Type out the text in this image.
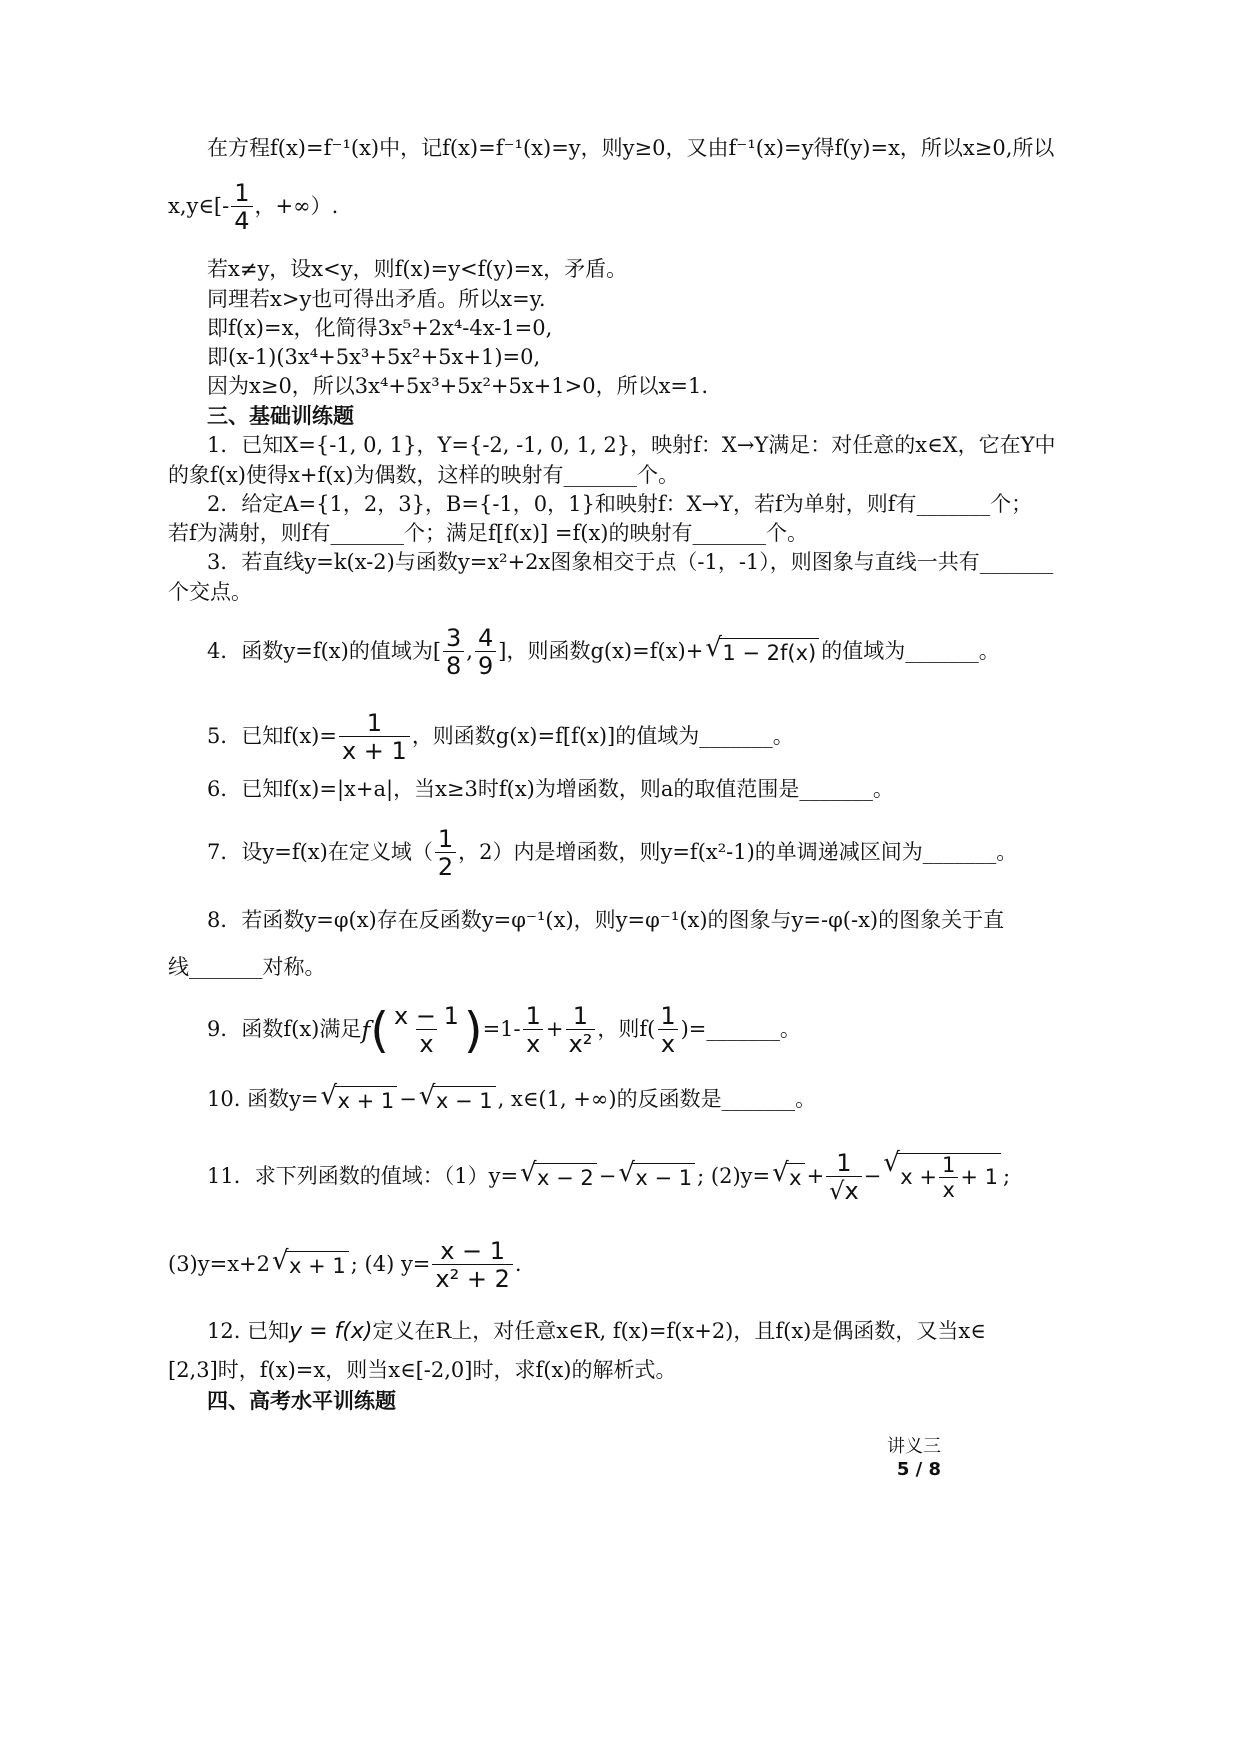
在方程f(x)=f⁻¹(x)中，记f(x)=f⁻¹(x)=y，则y≥0，又由f⁻¹(x)=y得f(y)=x，所以x≥0,所以
x,y∈[- $\frac{1}{4}$ ，+∞）.
若x≠y，设x<y，则f(x)=y<f(y)=x，矛盾。
同理若x>y也可得出矛盾。所以x=y.
即f(x)=x，化简得3x⁵+2x⁴-4x-1=0,
即(x-1)(3x⁴+5x³+5x²+5x+1)=0,
因为x≥0，所以3x⁴+5x³+5x²+5x+1>0，所以x=1.
三、基础训练题
1．已知X={-1, 0, 1}，Y={-2, -1, 0, 1, 2}，映射f：X→Y满足：对任意的x∈X，它在Y中
的象f(x)使得x+f(x)为偶数，这样的映射有_______个。
2．给定A={1，2，3}，B={-1，0，1}和映射f：X→Y，若f为单射，则f有_______个；
若f为满射，则f有_______个；满足f[f(x)] =f(x)的映射有_______个。
3．若直线y=k(x-2)与函数y=x²+2x图象相交于点（-1，-1），则图象与直线一共有_______
个交点。
4．函数y=f(x)的值域为[ $\frac{3}{8}$ , $\frac{4}{9}$ ]，则函数g(x)=f(x)+ √ 1 − 2f(x) 的值域为_______。
5．已知$f(x)= \frac{1}{x + 1}$ ，则函数g(x)=f[f(x)]的值域为_______。
6．已知f(x)=|x+a|，当x≥3时f(x)为增函数，则a的取值范围是_______。
7．设y=f(x)在定义域（ $\frac{1}{2}$ ，2）内是增函数，则y=f(x²-1)的单调递减区间为_______。
8．若函数y=φ(x)存在反函数y=φ⁻¹(x)，则y=φ⁻¹(x)的图象与y=-φ(-x)的图象关于直
线_______对称。
9．函数f(x)满足$f( \frac{x - 1}{x} )=1- \frac{1}{x} + \frac{1}{\text{x²}}$ ，则$f( \frac{1}{x}$ )=_______。
10. 函数y= √ x + 1 − √ x − 1 , x∈(1, +∞)的反函数是_______。
11．求下列函数的值域：（1）y= √ x − 2 − √ x − 1 ; (2)y= √ $x + \frac{1}{√x}$ − √ $x + \frac{1}{x} + 1$ ;
(3)y=x+2 √ x + 1 ; (4) $y= \frac{x - 1}{\text{x² + 2}}$ .
12. 已知y = f(x)定义在R上，对任意x∈R, f(x)=f(x+2)，且f(x)是偶函数，又当x∈
[2,3]时，f(x)=x，则当x∈[-2,0]时，求f(x)的解析式。
四、高考水平训练题
讲义三
5 / 8
